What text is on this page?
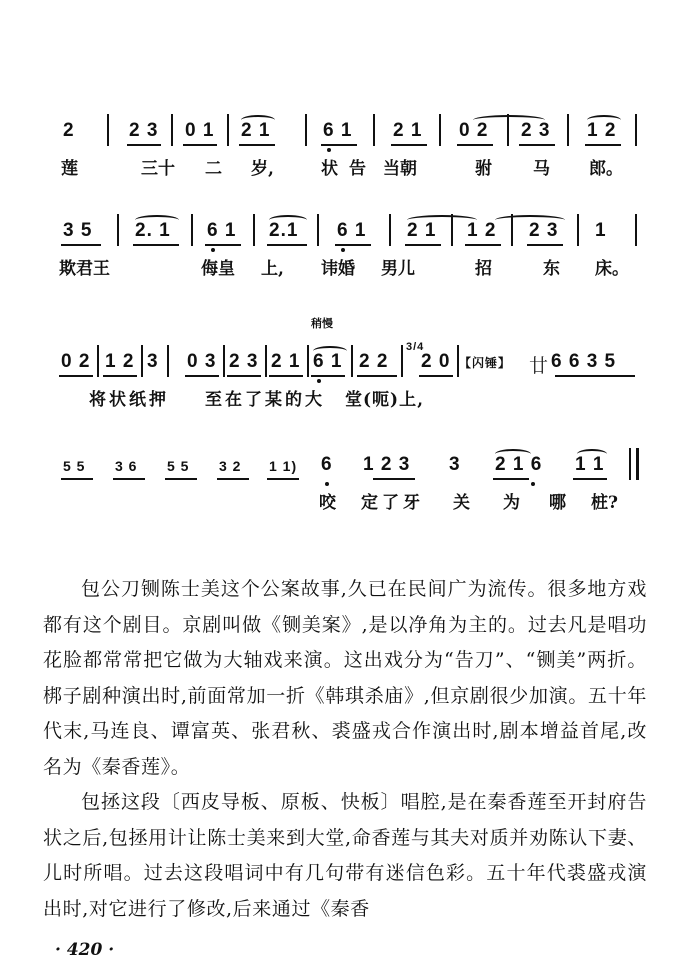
2	2 3 0 1 2 1	6 1 2 1 0 2 2 3 1 2
莲	三十 二 岁,	状 告 当朝	驸 马 郎。
3 5 2. 1 6 1 2.1 6 1 2 1 1 2 2 3 1
欺君王	侮皇 上, 讳婚 男儿	招	东 床。
稍慢
0 2 1 2 3 0 3 2 3 2 1 6 1 2 2
3/4
2 0 【闪锤】 廿 6 6 3 5
将状纸押 至在了某的大 堂(呃)上,
5 5 3 6 5 5 3 2 1 1) 6 1 2 3 3 2 1 6 1 1
咬 定了牙 关 为 哪 桩?

包公刀铡陈士美这个公案故事,久已在民间广为流传。很多地方戏都有这个剧目。京剧叫做《铡美案》,是以净角为主的。过去凡是唱功花脸都常常把它做为大轴戏来演。这出戏分为“告刀”、“铡美”两折。梆子剧种演出时,前面常加一折《韩琪杀庙》,但京剧很少加演。五十年代末,马连良、谭富英、张君秋、裘盛戎合作演出时,剧本增益首尾,改名为《秦香莲》。

包拯这段〔西皮导板、原板、快板〕唱腔,是在秦香莲至开封府告状之后,包拯用计让陈士美来到大堂,命香莲与其夫对质并劝陈认下妻、儿时所唱。过去这段唱词中有几句带有迷信色彩。五十年代裘盛戎演出时,对它进行了修改,后来通过《秦香

· 420 ·
